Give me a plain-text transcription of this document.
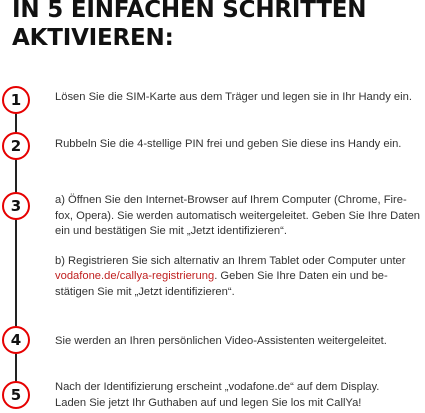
IN 5 EINFACHEN SCHRITTEN
AKTIVIEREN:
1	Lösen Sie die SIM-Karte aus dem Träger und legen sie in Ihr Handy ein.

2	Rubbeln Sie die 4-stellige PIN frei und geben Sie diese ins Handy ein.

3	a) Öffnen Sie den Internet-Browser auf Ihrem Computer (Chrome, Fire-fox, Opera). Sie werden automatisch weitergeleitet. Geben Sie Ihre Daten ein und bestätigen Sie mit „Jetzt identifizieren“.

b) Registrieren Sie sich alternativ an Ihrem Tablet oder Computer unter vodafone.de/callya-registrierung. Geben Sie Ihre Daten ein und be-stätigen Sie mit „Jetzt identifizieren“.

4	Sie werden an Ihren persönlichen Video-Assistenten weitergeleitet.

5	Nach der Identifizierung erscheint „vodafone.de“ auf dem Display.

Laden Sie jetzt Ihr Guthaben auf und legen Sie los mit CallYa!
